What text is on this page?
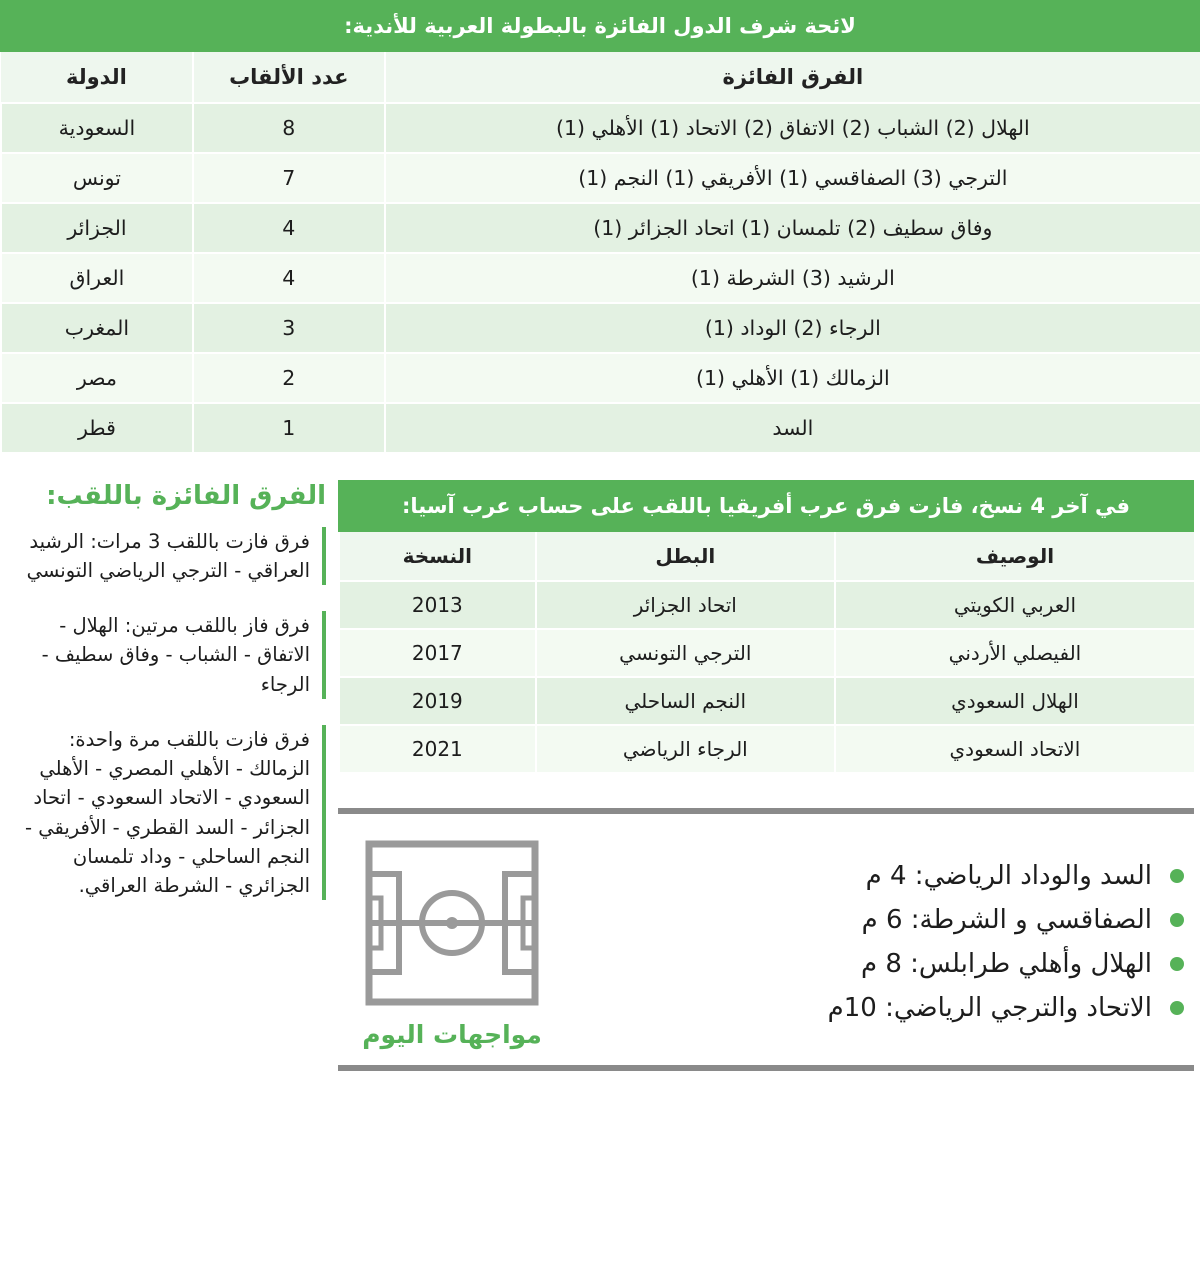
لائحة شرف الدول الفائزة بالبطولة العربية للأندية:
الفرق الفائزة	عدد الألقاب	الدولة
الهلال (2) الشباب (2) الاتفاق (2) الاتحاد (1) الأهلي (1)	8	السعودية
الترجي (3) الصفاقسي (1) الأفريقي (1) النجم (1)	7	تونس
وفاق سطيف (2) تلمسان (1) اتحاد الجزائر (1)	4	الجزائر
الرشيد (3) الشرطة (1)	4	العراق
الرجاء (2) الوداد (1)	3	المغرب
الزمالك (1) الأهلي (1)	2	مصر
السد	1	قطر
في آخر 4 نسخ، فازت فرق عرب أفريقيا باللقب على حساب عرب آسيا:
الوصيف	البطل	النسخة
العربي الكويتي	اتحاد الجزائر	2013
الفيصلي الأردني	الترجي التونسي	2017
الهلال السعودي	النجم الساحلي	2019
الاتحاد السعودي	الرجاء الرياضي	2021
السد والوداد الرياضي: 4 م
الصفاقسي و الشرطة: 6 م
الهلال وأهلي طرابلس: 8 م
الاتحاد والترجي الرياضي: 10م
مواجهات اليوم
الفرق الفائزة باللقب:
فرق فازت باللقب 3 مرات: الرشيد العراقي - الترجي الرياضي التونسي
فرق فاز باللقب مرتين: الهلال - الاتفاق - الشباب - وفاق سطيف - الرجاء
فرق فازت باللقب مرة واحدة: الزمالك - الأهلي المصري - الأهلي السعودي - الاتحاد السعودي - اتحاد الجزائر - السد القطري - الأفريقي - النجم الساحلي - وداد تلمسان الجزائري - الشرطة العراقي.
